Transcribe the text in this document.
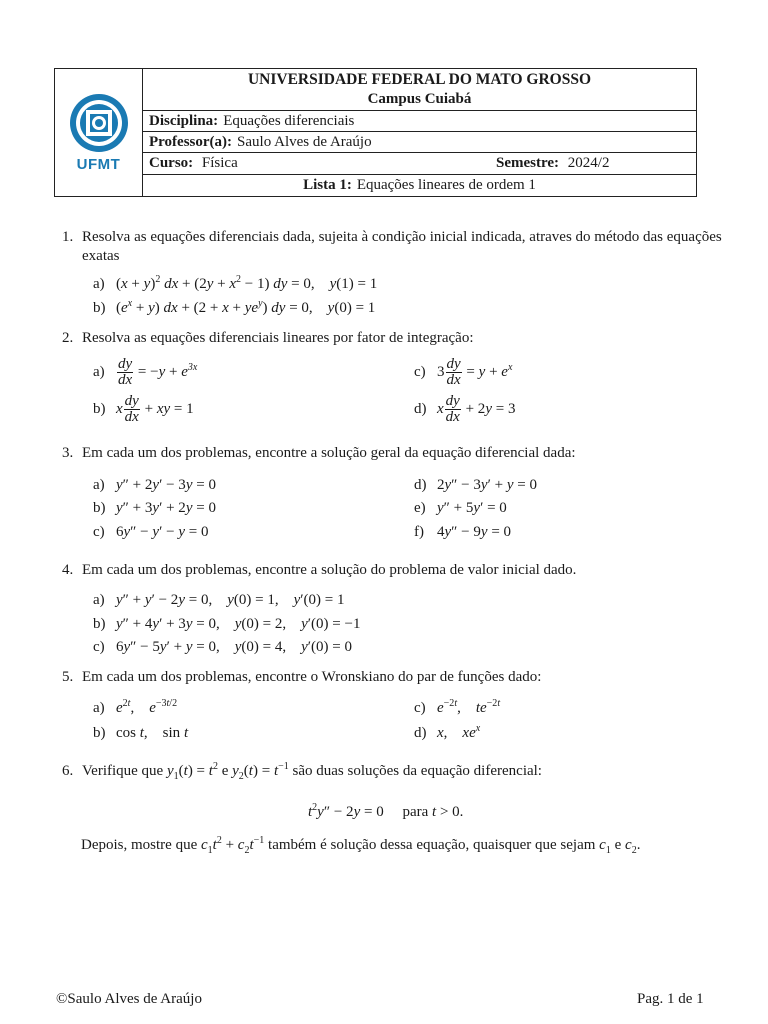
UFMT
UNIVERSIDADE FEDERAL DO MATO GROSSO
Campus Cuiabá
Disciplina: Equações diferenciais
Professor(a): Saulo Alves de Araújo
Curso: Física	Semestre: 2024/2
Lista 1: Equações lineares de ordem 1
1. Resolva as equações diferenciais dada, sujeita à condição inicial indicada, atraves do método das equações exatas
a) $(x + y)^2$ dx + $(2y + x^2 - 1)$ dy = 0,    y(1) = 1
b) $(e^x + y)$ dx + $(2 + x + ye^y)$ dy = 0,    y(0) = 1
2. Resolva as equações diferenciais lineares por fator de integração:
$a) \frac{dy}{dx} = -y + e^{3x}$	c) $3 \frac{dy}{dx} = y + e^x$
b) x $\frac{dy}{dx}$ + xy = 1	d) x $\frac{dy}{dx} + 2y = 3$
3. Em cada um dos problemas, encontre a solução geral da equação diferencial dada:
a) y″ + 2y′ − 3y = 0	d) 2y″ − 3y′ + y = 0
b) y″ + 3y′ + 2y = 0	e) y″ + 5y′ = 0
c) 6y″ − y′ − y = 0	f) 4y″ − 9y = 0
4. Em cada um dos problemas, encontre a solução do problema de valor inicial dado.
a) y″ + y′ − 2y = 0,    y(0) = 1,    y′(0) = 1
b) y″ + 4y′ + 3y = 0,    y(0) = 2,    y′(0) = −1
c) 6y″ − 5y′ + y = 0,    y(0) = 4,    y′(0) = 0
5. Em cada um dos problemas, encontre o Wronskiano do par de funções dado:
a) $e^{2t}$,    $e^{-3t/2}$	c) $e^{-2t}$,    $te^{-2t}$
b) cos t,    sin t	d) x,    $xe^x$
6. Verifique que $y_1(t) = t^2$ e $y_2(t) = t^{-1}$ são duas soluções da equação diferencial:
$t^2y'' - 2y = 0$     para t > 0.
Depois, mostre que $c_1t^2 + c_2t^{-1}$ também é solução dessa equação, quaisquer que sejam $c_1$ e $c_2$.
©Saulo Alves de Araújo	Pag. 1 de 1
